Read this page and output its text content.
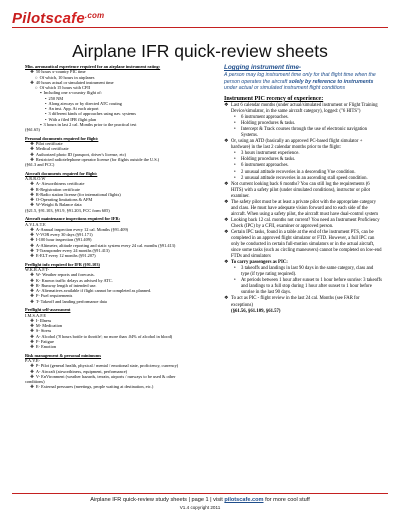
Pilotscafe$^{.com}$
Airplane IFR quick-review sheets
Min. aeronautical experience required for an airplane instrument rating:
❖ 50 hours x-country PIC time
○ Of which, 10 hours in airplanes
❖ 40 hours actual or simulated instrument time
○ Of which 15 hours with CFII
▪ Including one x-country flight of:
• 250 NM
• Along airways or by directed ATC routing
• An inst. App. At each airport
• 3 different kinds of approaches using nav. systems
• With a filed IFR flight plan
▪ 3 hours in last 2 cal. Months prior to the practical test
(§61.65)
Personal documents required for flight:
❖ Pilot certificate
❖ Medical certificate
❖ Authorized photo ID (passport, driver's license, etc)
❖ Restricted radiotelephone operator license (for flights outside the U.S.)
(§61.3 and FCC)
Aircraft documents required for flight:
A.R.R.O.W
❖ A- Airworthiness certificate
❖ R-Registration certificate
❖ R-Radio station license (for international flights)
❖ O-Operating limitations & AFM
❖ W-Weight & Balance data
(§21.5, §91.103, §91.9, §91.203, FCC form 605)
Aircraft maintenance inspections required for IFR:
A.V.I.A.T.E
❖ A-Annual inspection every 12 cal. Months (§91.409)
❖ V-VOR every 30 days (§91.171)
❖ I-100 hour inspection (§91.409)
❖ A-Altimeter, altitude reporting and static system every 24 cal. months (§91.413)
❖ T-Transponder every 24 months (§91.413)
❖ E-ELT every 12 months (§91.207)
Preflight info required for IFR (§91.103)
W.K.R.A.F.T-
❖ W- Weather reports and forecasts.
❖ K- Known traffic delays as advised by ATC.
❖ R- Runway length of intended use.
❖ A- Alternatives available if flight cannot be completed as planned.
❖ F- Fuel requirements
❖ T- Takeoff and landing performance data
Preflight self-assessment
I.M.S.A.F.E
❖ I- Illness
❖ M- Medication
❖ S- Stress
❖ A- Alcohol ('8 hours bottle to throttle'; no more than .04% of alcohol in blood)
❖ F- Fatigue
❖ E- Emotion
Risk management & personal minimums
P.A.V.E-
❖ P- Pilot (general health, physical / mental / emotional state, proficiency, currency)
❖ A- Aircraft (airworthiness, equipment, performance)
❖ V- EnVironment (weather hazards, terrain, airports / runways to be used & other
conditions)
❖ E- External pressures (meetings, people waiting at destination, etc.)
Logging instrument time-
A person may log instrument time only for that flight time when the person operates the aircraft solely by reference to instruments under actual or simulated instrument flight conditions
Instrument PIC recency of experience:
❖ Last 6 calendar months (under actual/simulated instrument or Flight Training Device/simulator, in the same aircraft category), logged: ("6 HITS")
•	6 instrument approaches.
•	Holding procedures & tasks.
•	Intercept & Track courses through the use of electronic navigation Systems.
❖ Or, using an ATD (basically an approved PC-based flight simulator + hardware) in the last 2 calendar months prior to the flight:
•	3 hours instrument experience.
•	Holding procedures & tasks.
•	6 instrument approaches.
•	2 unusual attitude recoveries in a descending Vne condition.
•	2 unusual attitude recoveries in an ascending stall speed condition.
❖ Not current looking back 6 months? You can still log the requirements (6 HITS) with a safety pilot (under simulated conditions), instructor or pilot examiner.
❖ The safety pilot must be at least a private pilot with the appropriate category and class. He must have adequate vision forward and to each side of the aircraft. When using a safety pilot, the aircraft must have dual-control system
❖ Looking back 12 cal. months not current? You need an Instrument Proficiency Check (IPC) by a CFII, examiner or approved person.
❖ Certain IPC tasks, found in a table at the end of the instrument PTS, can be completed in an approved flight simulator or FTD. However, a full IPC can only be conducted in certain full-motion simulators or in the actual aircraft, since some tasks (such as circling maneuvers) cannot be completed on low-end FTDs and simulators
❖ To carry passengers as PIC:
•	3 takeoffs and landings in last 90 days in the same category, class and type (if type rating required).
•	At periods between 1 hour after sunset to 1 hour before sunrise: 3 takeoffs and landings to a full stop during 1 hour after sunset to 1 hour before sunrise in the last 90 days.
❖ To act as PIC - flight review in the last 24 cal. Months (see FAR for exceptions)
(§61.56, §61.109, §61.57)
Airplane IFR quick-review study sheets | page 1 | visit pilotscafe.com for more cool stuff
V1.4 copyright 2011
